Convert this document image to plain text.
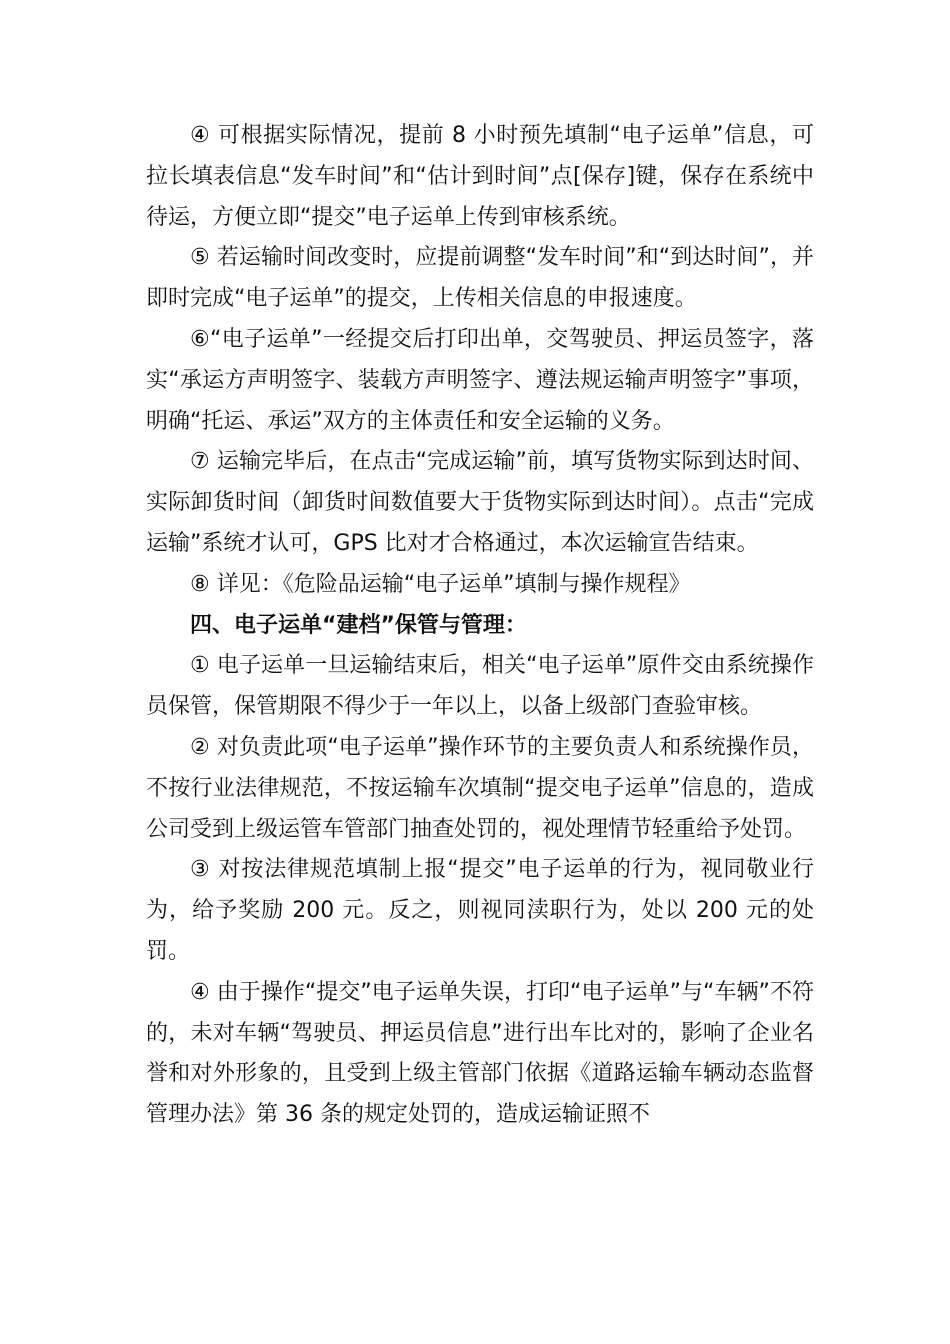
④ 可根据实际情况，提前 8 小时预先填制“电子运单”信息，可拉长填表信息“发车时间”和“估计到时间”点[保存]键，保存在系统中待运，方便立即“提交”电子运单上传到审核系统。

⑤ 若运输时间改变时，应提前调整“发车时间”和“到达时间”，并即时完成“电子运单”的提交，上传相关信息的申报速度。

⑥“电子运单”一经提交后打印出单，交驾驶员、押运员签字，落实“承运方声明签字、装载方声明签字、遵法规运输声明签字”事项，明确“托运、承运”双方的主体责任和安全运输的义务。

⑦ 运输完毕后，在点击“完成运输”前，填写货物实际到达时间、实际卸货时间（卸货时间数值要大于货物实际到达时间）。点击“完成运输”系统才认可，GPS 比对才合格通过，本次运输宣告结束。

⑧ 详见：《危险品运输“电子运单”填制与操作规程》

四、电子运单“建档”保管与管理：

① 电子运单一旦运输结束后，相关“电子运单”原件交由系统操作员保管，保管期限不得少于一年以上，以备上级部门查验审核。

② 对负责此项“电子运单”操作环节的主要负责人和系统操作员，不按行业法律规范，不按运输车次填制“提交电子运单”信息的，造成公司受到上级运管车管部门抽查处罚的，视处理情节轻重给予处罚。

③ 对按法律规范填制上报“提交”电子运单的行为，视同敬业行为，给予奖励 200 元。反之，则视同渎职行为，处以 200 元的处罚。

④ 由于操作“提交”电子运单失误，打印“电子运单”与“车辆”不符的，未对车辆“驾驶员、押运员信息”进行出车比对的，影响了企业名誉和对外形象的，且受到上级主管部门依据《道路运输车辆动态监督管理办法》第 36 条的规定处罚的，造成运输证照不
